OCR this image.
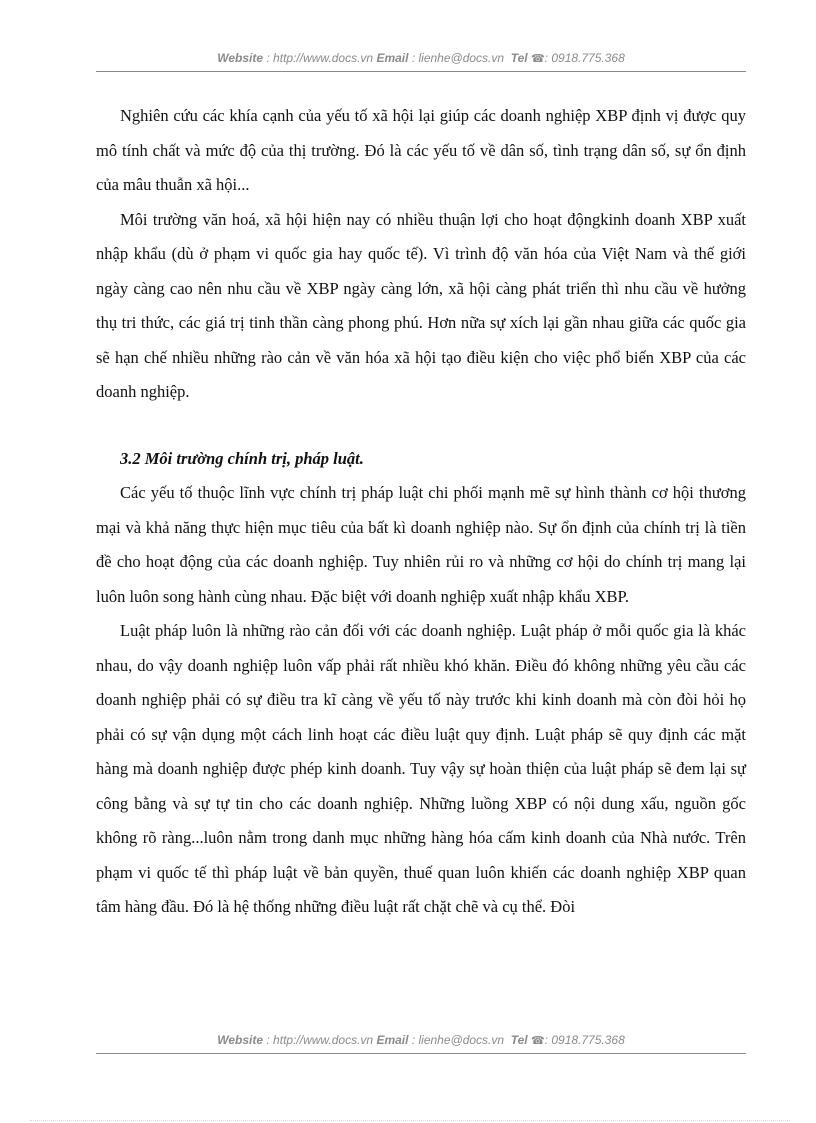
Website : http://www.docs.vn Email : lienhe@docs.vn Tel ☎: 0918.775.368

Nghiên cứu các khía cạnh của yếu tố xã hội lại giúp các doanh nghiệp XBP định vị được quy mô tính chất và mức độ của thị trường. Đó là các yếu tố về dân số, tình trạng dân số, sự ổn định của mâu thuẫn xã hội...

Môi trường văn hoá, xã hội hiện nay có nhiều thuận lợi cho hoạt độngkinh doanh XBP xuất nhập khẩu (dù ở phạm vi quốc gia hay quốc tế). Vì trình độ văn hóa của Việt Nam và thế giới ngày càng cao nên nhu cầu về XBP ngày càng lớn, xã hội càng phát triển thì nhu cầu về hưởng thụ tri thức, các giá trị tinh thần càng phong phú. Hơn nữa sự xích lại gần nhau giữa các quốc gia sẽ hạn chế nhiều những rào cản về văn hóa xã hội tạo điều kiện cho việc phổ biến XBP của các doanh nghiệp.

3.2 Môi trường chính trị, pháp luật.

Các yếu tố thuộc lĩnh vực chính trị pháp luật chi phối mạnh mẽ sự hình thành cơ hội thương mại và khả năng thực hiện mục tiêu của bất kì doanh nghiệp nào. Sự ổn định của chính trị là tiền đề cho hoạt động của các doanh nghiệp. Tuy nhiên rủi ro và những cơ hội do chính trị mang lại luôn luôn song hành cùng nhau. Đặc biệt với doanh nghiệp xuất nhập khẩu XBP.

Luật pháp luôn là những rào cản đối với các doanh nghiệp. Luật pháp ở mỗi quốc gia là khác nhau, do vậy doanh nghiệp luôn vấp phải rất nhiều khó khăn. Điều đó không những yêu cầu các doanh nghiệp phải có sự điều tra kĩ càng về yếu tố này trước khi kinh doanh mà còn đòi hỏi họ phải có sự vận dụng một cách linh hoạt các điều luật quy định. Luật pháp sẽ quy định các mặt hàng mà doanh nghiệp được phép kinh doanh. Tuy vậy sự hoàn thiện của luật pháp sẽ đem lại sự công bằng và sự tự tin cho các doanh nghiệp. Những luồng XBP có nội dung xấu, nguồn gốc không rõ ràng...luôn nằm trong danh mục những hàng hóa cấm kinh doanh của Nhà nước. Trên phạm vi quốc tế thì pháp luật về bản quyền, thuế quan luôn khiến các doanh nghiệp XBP quan tâm hàng đầu. Đó là hệ thống những điều luật rất chặt chẽ và cụ thể. Đòi

Website : http://www.docs.vn Email : lienhe@docs.vn Tel ☎: 0918.775.368
